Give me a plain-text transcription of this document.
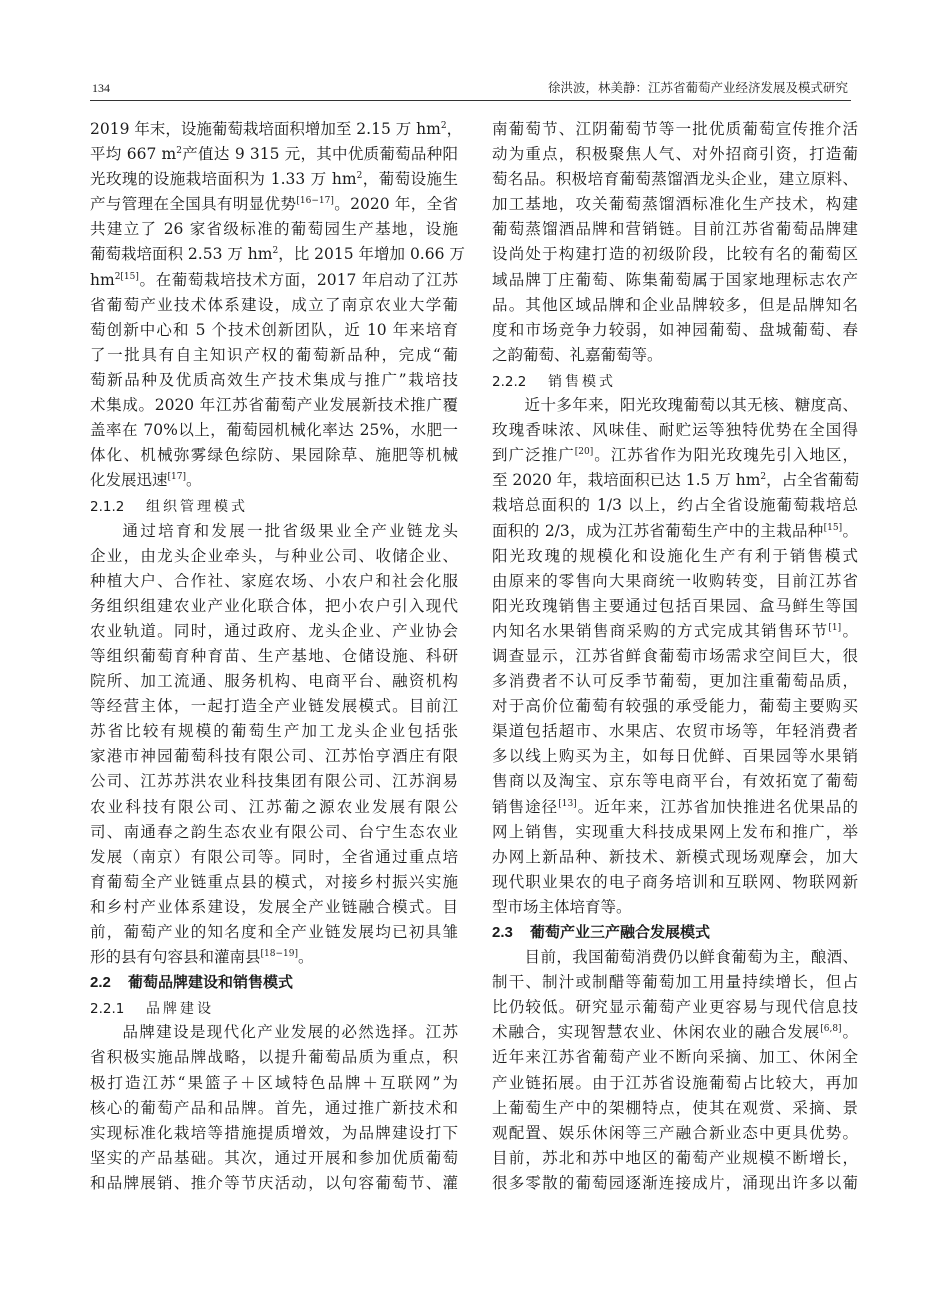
134	徐洪波，林美静：江苏省葡萄产业经济发展及模式研究
2019 年末，设施葡萄栽培面积增加至 2.15 万 $hm^2$，
平均 667 $m^2$产值达 9 315 元，其中优质葡萄品种阳
光玫瑰的设施栽培面积为 1.33 万 $hm^2$，葡萄设施生
产与管理在全国具有明显优势[16−17]。2020 年，全省
共建立了 26 家省级标准的葡萄园生产基地，设施
葡萄栽培面积 2.53 万 $hm^2$，比 2015 年增加 0.66 万
$hm^{2[15]}$。在葡萄栽培技术方面，2017 年启动了江苏
省葡萄产业技术体系建设，成立了南京农业大学葡
萄创新中心和 5 个技术创新团队，近 10 年来培育
了一批具有自主知识产权的葡萄新品种，完成“葡
萄新品种及优质高效生产技术集成与推广”栽培技
术集成。2020 年江苏省葡萄产业发展新技术推广覆
盖率在 70%以上，葡萄园机械化率达 25%，水肥一
体化、机械弥雾绿色综防、果园除草、施肥等机械
化发展迅速[17]。
2.1.2 组织管理模式
通过培育和发展一批省级果业全产业链龙头
企业，由龙头企业牵头，与种业公司、收储企业、
种植大户、合作社、家庭农场、小农户和社会化服
务组织组建农业产业化联合体，把小农户引入现代
农业轨道。同时，通过政府、龙头企业、产业协会
等组织葡萄育种育苗、生产基地、仓储设施、科研
院所、加工流通、服务机构、电商平台、融资机构
等经营主体，一起打造全产业链发展模式。目前江
苏省比较有规模的葡萄生产加工龙头企业包括张
家港市神园葡萄科技有限公司、江苏怡亨酒庄有限
公司、江苏苏洪农业科技集团有限公司、江苏润易
农业科技有限公司、江苏葡之源农业发展有限公
司、南通春之韵生态农业有限公司、台宁生态农业
发展（南京）有限公司等。同时，全省通过重点培
育葡萄全产业链重点县的模式，对接乡村振兴实施
和乡村产业体系建设，发展全产业链融合模式。目
前，葡萄产业的知名度和全产业链发展均已初具雏
形的县有句容县和灌南县[18−19]。
2.2 葡萄品牌建设和销售模式
2.2.1 品牌建设
品牌建设是现代化产业发展的必然选择。江苏
省积极实施品牌战略，以提升葡萄品质为重点，积
极打造江苏“果篮子＋区域特色品牌＋互联网”为
核心的葡萄产品和品牌。首先，通过推广新技术和
实现标准化栽培等措施提质增效，为品牌建设打下
坚实的产品基础。其次，通过开展和参加优质葡萄
和品牌展销、推介等节庆活动，以句容葡萄节、灌
南葡萄节、江阴葡萄节等一批优质葡萄宣传推介活
动为重点，积极聚焦人气、对外招商引资，打造葡
萄名品。积极培育葡萄蒸馏酒龙头企业，建立原料、
加工基地，攻关葡萄蒸馏酒标准化生产技术，构建
葡萄蒸馏酒品牌和营销链。目前江苏省葡萄品牌建
设尚处于构建打造的初级阶段，比较有名的葡萄区
域品牌丁庄葡萄、陈集葡萄属于国家地理标志农产
品。其他区域品牌和企业品牌较多，但是品牌知名
度和市场竞争力较弱，如神园葡萄、盘城葡萄、春
之韵葡萄、礼嘉葡萄等。
2.2.2 销售模式
近十多年来，阳光玫瑰葡萄以其无核、糖度高、
玫瑰香味浓、风味佳、耐贮运等独特优势在全国得
到广泛推广[20]。江苏省作为阳光玫瑰先引入地区，
至 2020 年，栽培面积已达 1.5 万 $hm^2$，占全省葡萄
栽培总面积的 1/3 以上，约占全省设施葡萄栽培总
面积的 2/3，成为江苏省葡萄生产中的主栽品种[15]。
阳光玫瑰的规模化和设施化生产有利于销售模式
由原来的零售向大果商统一收购转变，目前江苏省
阳光玫瑰销售主要通过包括百果园、盒马鲜生等国
内知名水果销售商采购的方式完成其销售环节[1]。
调查显示，江苏省鲜食葡萄市场需求空间巨大，很
多消费者不认可反季节葡萄，更加注重葡萄品质，
对于高价位葡萄有较强的承受能力，葡萄主要购买
渠道包括超市、水果店、农贸市场等，年轻消费者
多以线上购买为主，如每日优鲜、百果园等水果销
售商以及淘宝、京东等电商平台，有效拓宽了葡萄
销售途径[13]。近年来，江苏省加快推进名优果品的
网上销售，实现重大科技成果网上发布和推广，举
办网上新品种、新技术、新模式现场观摩会，加大
现代职业果农的电子商务培训和互联网、物联网新
型市场主体培育等。
2.3 葡萄产业三产融合发展模式
目前，我国葡萄消费仍以鲜食葡萄为主，酿酒、
制干、制汁或制醋等葡萄加工用量持续增长，但占
比仍较低。研究显示葡萄产业更容易与现代信息技
术融合，实现智慧农业、休闲农业的融合发展[6,8]。
近年来江苏省葡萄产业不断向采摘、加工、休闲全
产业链拓展。由于江苏省设施葡萄占比较大，再加
上葡萄生产中的架棚特点，使其在观赏、采摘、景
观配置、娱乐休闲等三产融合新业态中更具优势。
目前，苏北和苏中地区的葡萄产业规模不断增长，
很多零散的葡萄园逐渐连接成片，涌现出许多以葡
